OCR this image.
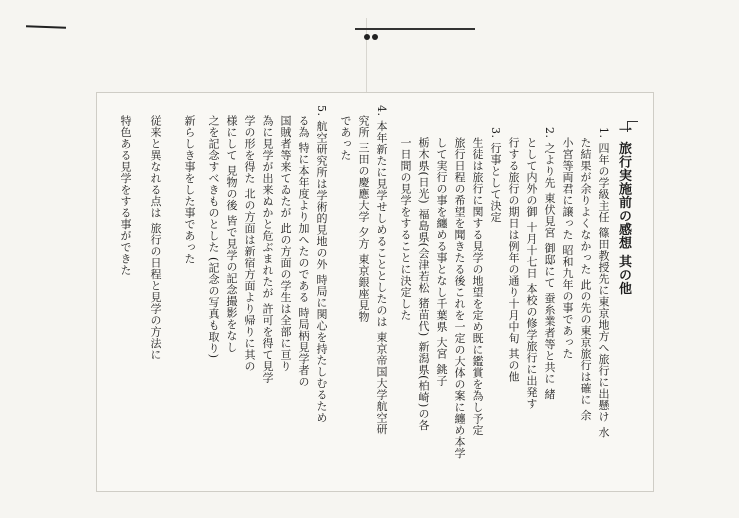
一 旅行実施前の感想 其の他
1. 四年の学級主任 篠田教授先に東京地方へ旅行に出懸け 水
た結果が余りよくなかった 此の先の東京旅行は確に 余
小宮等両君に譲った 昭和九年の事であった
2. 之より先 東伏見宮 御邸にて 蚕糸業者等と共に 緒
として内外の御 十月十七日 本校の修学旅行に出発す
行する旅行の期日は例年の通り十月中旬 其の他
3. 行事として決定
生徒は旅行に関する見学の地望を定め既に鑑賞を為し予定
旅行日程の希望を聞きたる後これを一定の大体の案に纏め本学
して実行の事を纏める事となし千葉県 大宮 銚子
栃木県(日光) 福島県(会津若松 猪苗代) 新潟県(柏崎)の各
一日間の見学をすることに決定した
4. 本年新たに見学せしめることとしたのは 東京帝国大学航空研
究所 三田の慶應大学 夕方 東京銀座見物
であった
5. 航空研究所は学術的見地の外 時局に関心を持たしむるため
る為 特に本年度より加へたのである 時局柄見学者の
国賊者等来てゐたが 此の方面の学生は全部に亘り
為に見学が出来ぬかと危ぶまれたが 許可を得て見学
学の形を得た 北の方面は新宿方面より帰りに其の
様にして 見物の後 皆で見学の記念撮影をなし
之を記念すべきものとした (記念の写真も取り)
新らしき事をした事であった
従来と異なれる点は 旅行の日程と見学の方法に
特色ある見学をする事ができた
